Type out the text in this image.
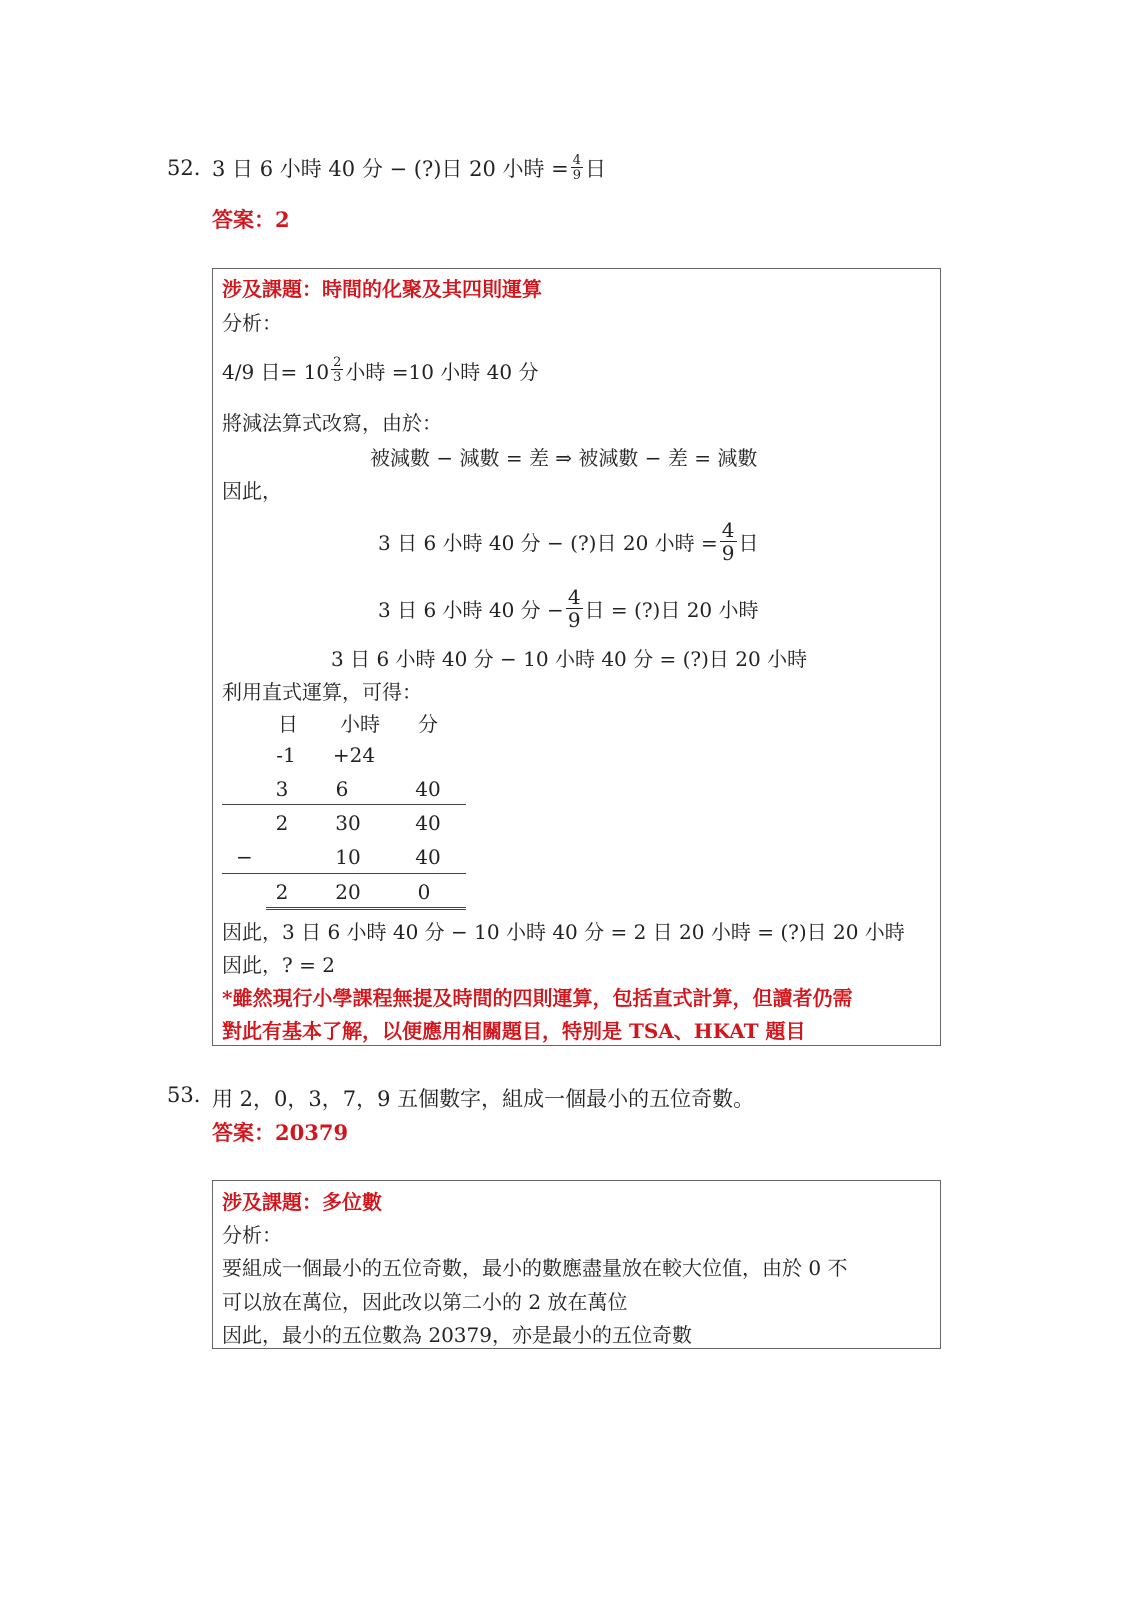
52. 3 日 6 小時 40 分 − (?)日 20 小時 = $\frac{4}{9}$ 日
答案：2
涉及課題：時間的化聚及其四則運算
分析：
4/9 日= $10 \frac{2}{3}$ 小時 =10 小時 40 分
將減法算式改寫，由於：
被減數 − 減數 = 差 ⇒ 被減數 − 差 = 減數
因此，
3 日 6 小時 40 分 − (?)日 20 小時 = $\frac{4}{9}$ 日
3 日 6 小時 40 分 − $\frac{4}{9}$ 日 = (?)日 20 小時
3 日 6 小時 40 分 − 10 小時 40 分 = (?)日 20 小時
利用直式運算，可得：
日	小時	分
-1	+24
3	6	40
2	30	40
−	10	40
2	20	0
因此，3 日 6 小時 40 分 − 10 小時 40 分 = 2 日 20 小時 = (?)日 20 小時
因此，? = 2
*雖然現行小學課程無提及時間的四則運算，包括直式計算，但讀者仍需
對此有基本了解，以便應用相關題目，特別是 TSA、HKAT 題目
53. 用 2，0，3，7，9 五個數字，組成一個最小的五位奇數。
答案：20379
涉及課題：多位數
分析：
要組成一個最小的五位奇數，最小的數應盡量放在較大位值，由於 0 不
可以放在萬位，因此改以第二小的 2 放在萬位
因此，最小的五位數為 20379，亦是最小的五位奇數
